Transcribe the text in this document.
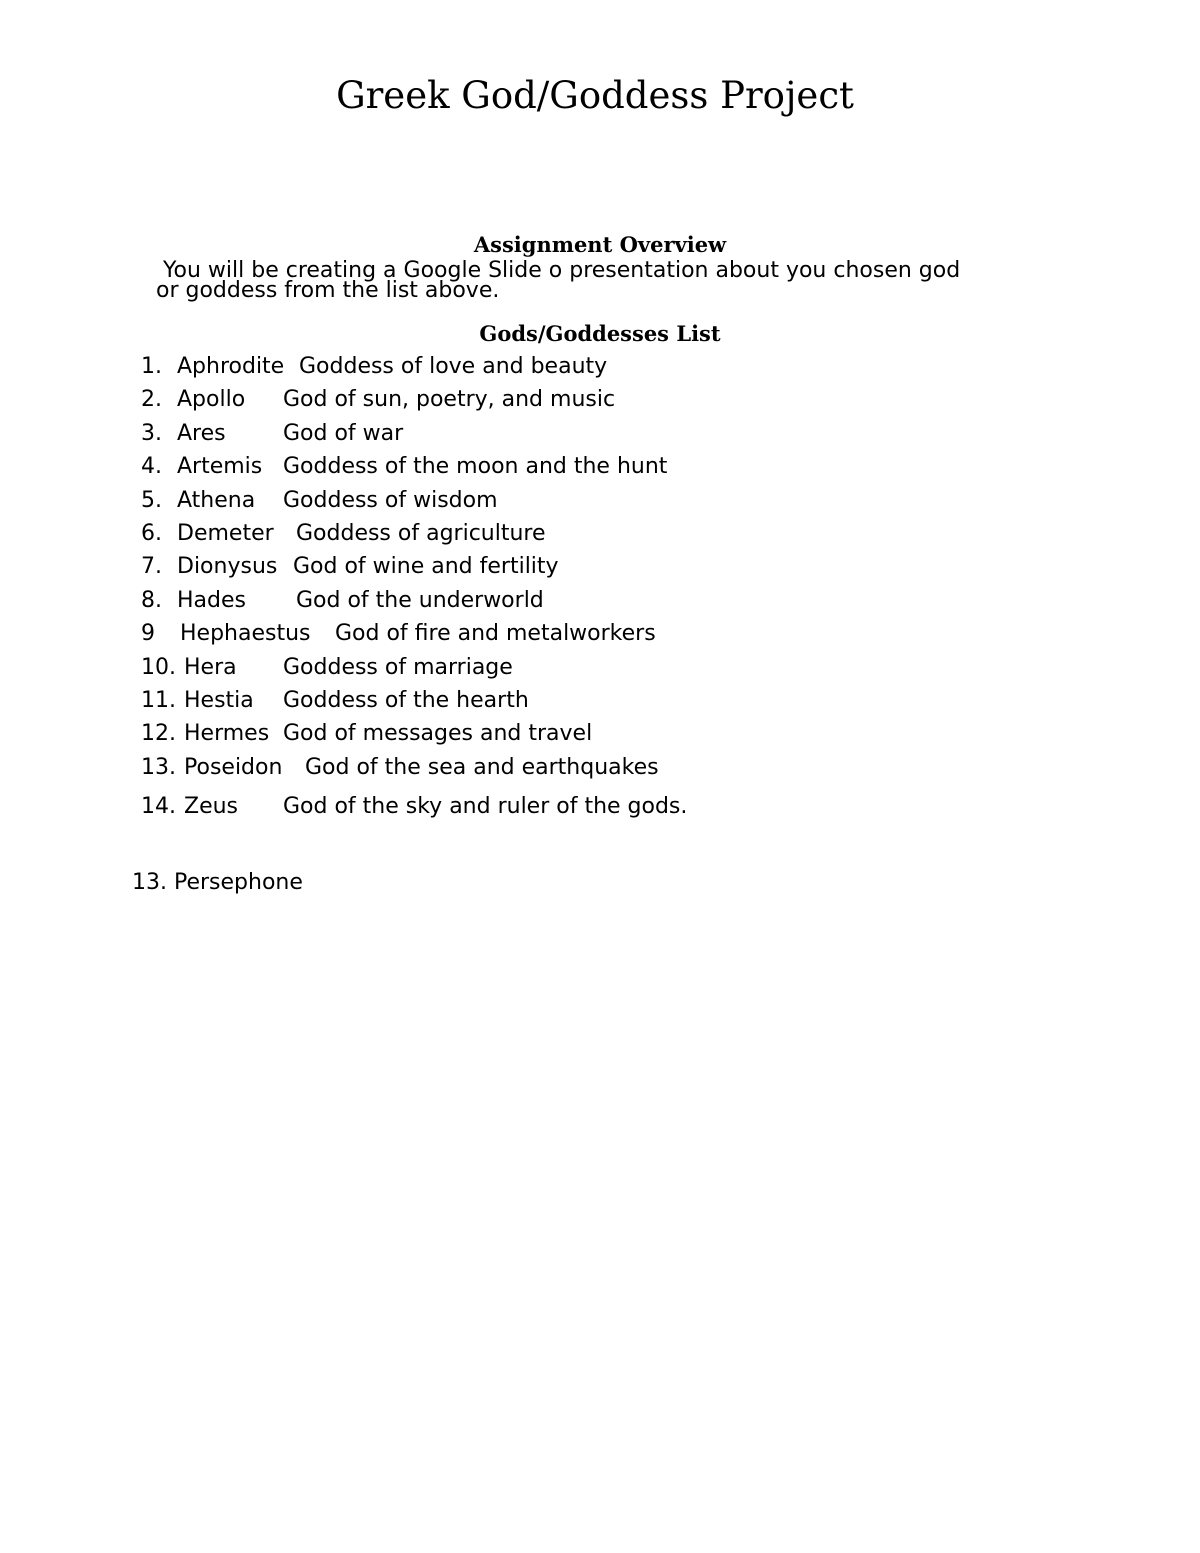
Greek God/Goddess Project
Assignment Overview
You will be creating a Google Slide o presentation about you chosen god
or goddess from the list above.
Gods/Goddesses List
1. Aphrodite Goddess of love and beauty
2. Apollo God of sun, poetry, and music
3. Ares	God of war
4. Artemis Goddess of the moon and the hunt
5. Athena Goddess of wisdom
6. Demeter Goddess of agriculture
7. Dionysus God of wine and fertility
8. Hades God of the underworld
9 Hephaestus God of fire and metalworkers
10. Hera Goddess of marriage
11. Hestia Goddess of the hearth
12. Hermes God of messages and travel
13. Poseidon God of the sea and earthquakes
14. Zeus God of the sky and ruler of the gods.
13. Persephone
